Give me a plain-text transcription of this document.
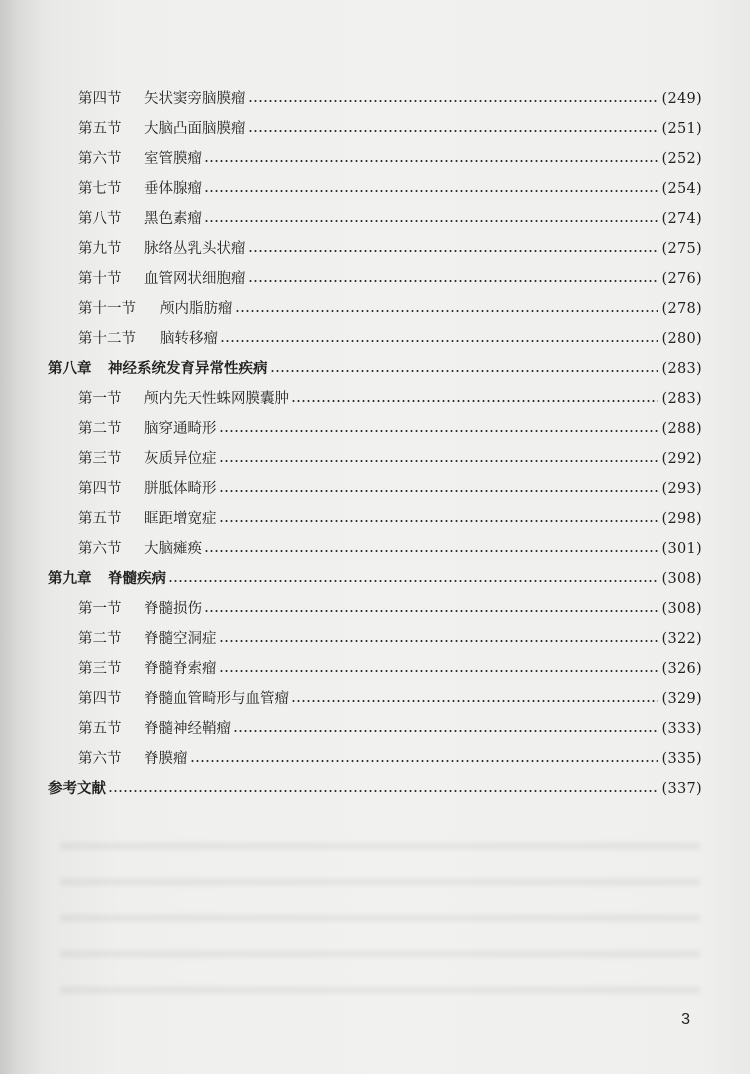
第四节	矢状窦旁脑膜瘤	(249)
第五节	大脑凸面脑膜瘤	(251)
第六节	室管膜瘤	(252)
第七节	垂体腺瘤	(254)
第八节	黑色素瘤	(274)
第九节	脉络丛乳头状瘤	(275)
第十节	血管网状细胞瘤	(276)
第十一节	颅内脂肪瘤	(278)
第十二节	脑转移瘤	(280)
第八章	神经系统发育异常性疾病	(283)
第一节	颅内先天性蛛网膜囊肿	(283)
第二节	脑穿通畸形	(288)
第三节	灰质异位症	(292)
第四节	胼胝体畸形	(293)
第五节	眶距增宽症	(298)
第六节	大脑瘫痪	(301)
第九章	脊髓疾病	(308)
第一节	脊髓损伤	(308)
第二节	脊髓空洞症	(322)
第三节	脊髓脊索瘤	(326)
第四节	脊髓血管畸形与血管瘤	(329)
第五节	脊髓神经鞘瘤	(333)
第六节	脊膜瘤	(335)
参考文献	(337)
3
